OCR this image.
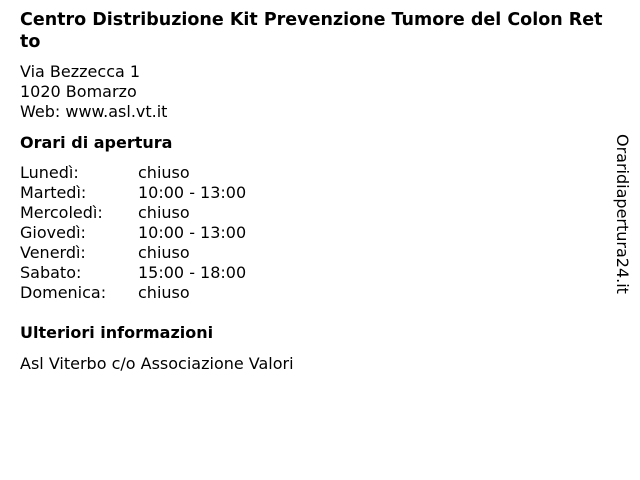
Centro Distribuzione Kit Prevenzione Tumore del Colon Retto
Via Bezzecca 1
1020 Bomarzo
Web: www.asl.vt.it
Orari di apertura
Lunedì:	chiuso
Martedì:	10:00 - 13:00
Mercoledì:	chiuso
Giovedì:	10:00 - 13:00
Venerdì:	chiuso
Sabato:	15:00 - 18:00
Domenica:	chiuso
Ulteriori informazioni
Asl Viterbo c/o Associazione Valori
Oraridiapertura24.it
